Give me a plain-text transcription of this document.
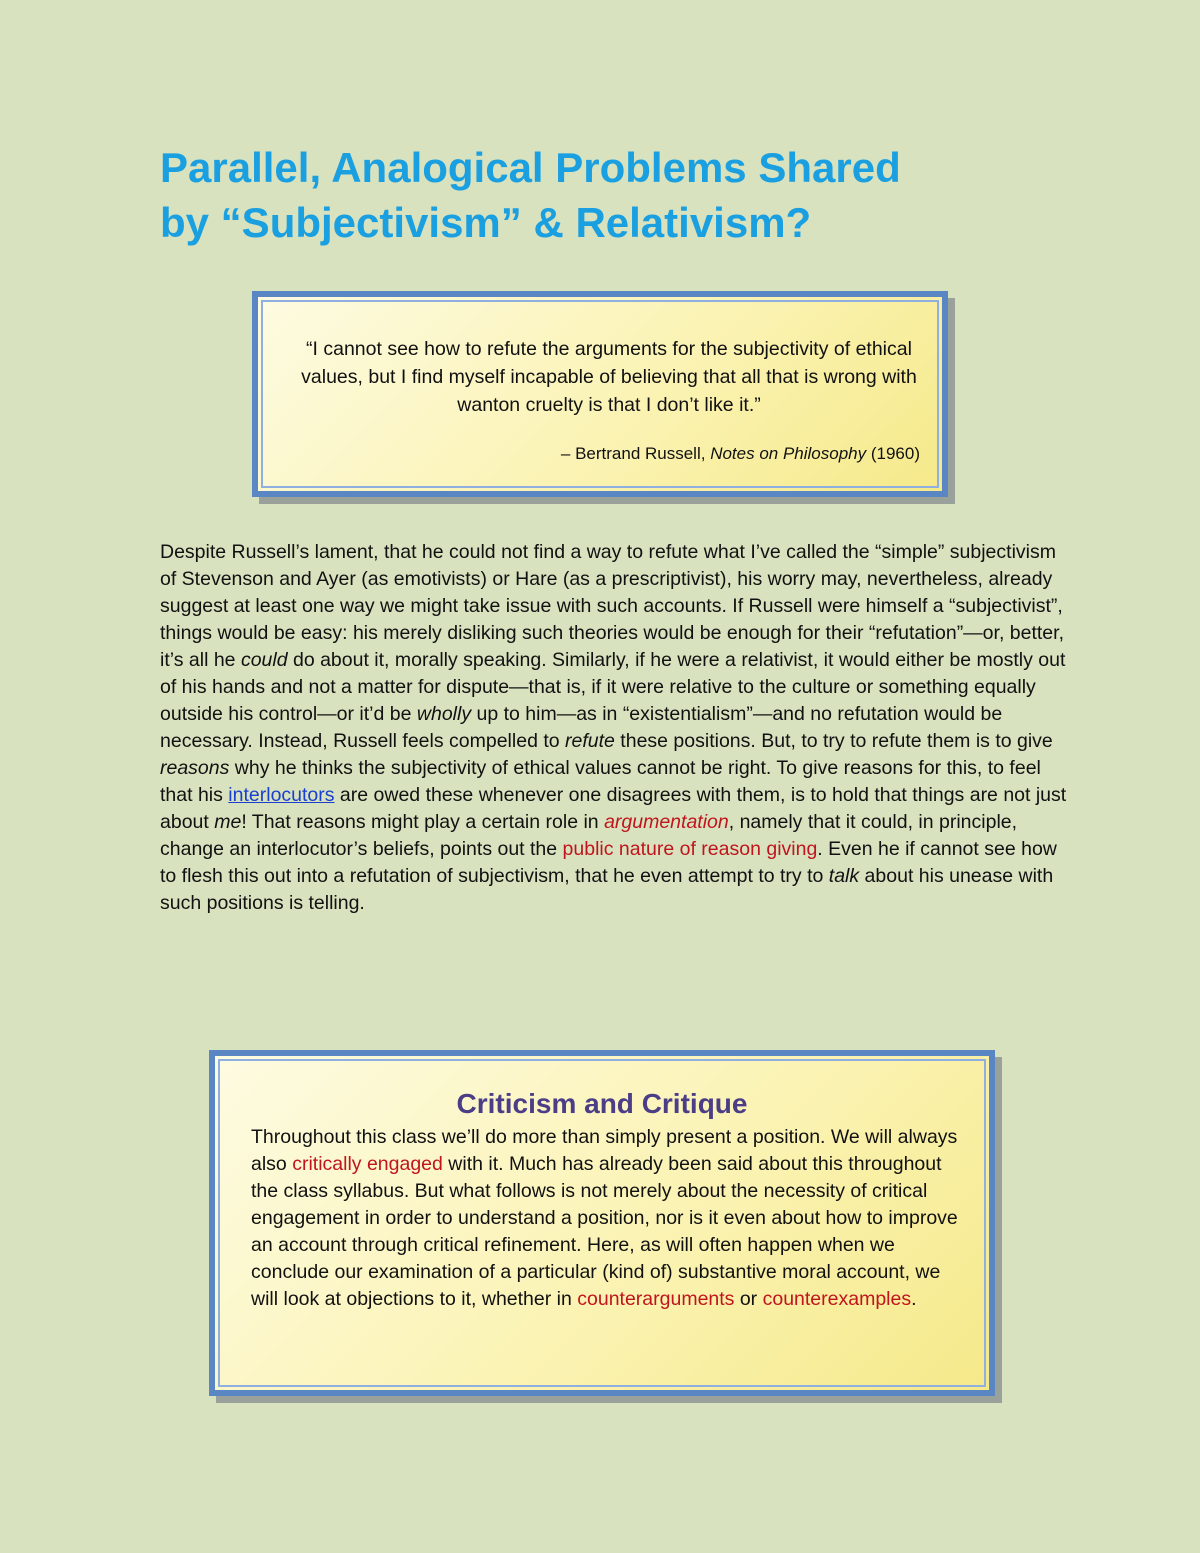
Parallel, Analogical Problems Shared
by “Subjectivism” & Relativism?
“I cannot see how to refute the arguments for the subjectivity of ethical values, but I find myself incapable of believing that all that is wrong with wanton cruelty is that I don’t like it.”
– Bertrand Russell, Notes on Philosophy (1960)

Despite Russell’s lament, that he could not find a way to refute what I’ve called the “simple” subjectivism of Stevenson and Ayer (as emotivists) or Hare (as a prescriptivist), his worry may, nevertheless, already suggest at least one way we might take issue with such accounts. If Russell were himself a “subjectivist”, things would be easy: his merely disliking such theories would be enough for their “refutation”—or, better, it’s all he could do about it, morally speaking. Similarly, if he were a relativist, it would either be mostly out of his hands and not a matter for dispute—that is, if it were relative to the culture or something equally outside his control—or it’d be wholly up to him—as in “existentialism”—and no refutation would be necessary. Instead, Russell feels compelled to refute these positions. But, to try to refute them is to give reasons why he thinks the subjectivity of ethical values cannot be right. To give reasons for this, to feel that his interlocutors are owed these whenever one disagrees with them, is to hold that things are not just about me! That reasons might play a certain role in argumentation, namely that it could, in principle, change an interlocutor’s beliefs, points out the public nature of reason giving. Even he if cannot see how to flesh this out into a refutation of subjectivism, that he even attempt to try to talk about his unease with such positions is telling.

Criticism and Critique
Throughout this class we’ll do more than simply present a position. We will always also critically engaged with it. Much has already been said about this throughout the class syllabus. But what follows is not merely about the necessity of critical engagement in order to understand a position, nor is it even about how to improve an account through critical refinement. Here, as will often happen when we conclude our examination of a particular (kind of) substantive moral account, we will look at objections to it, whether in counterarguments or counterexamples.
